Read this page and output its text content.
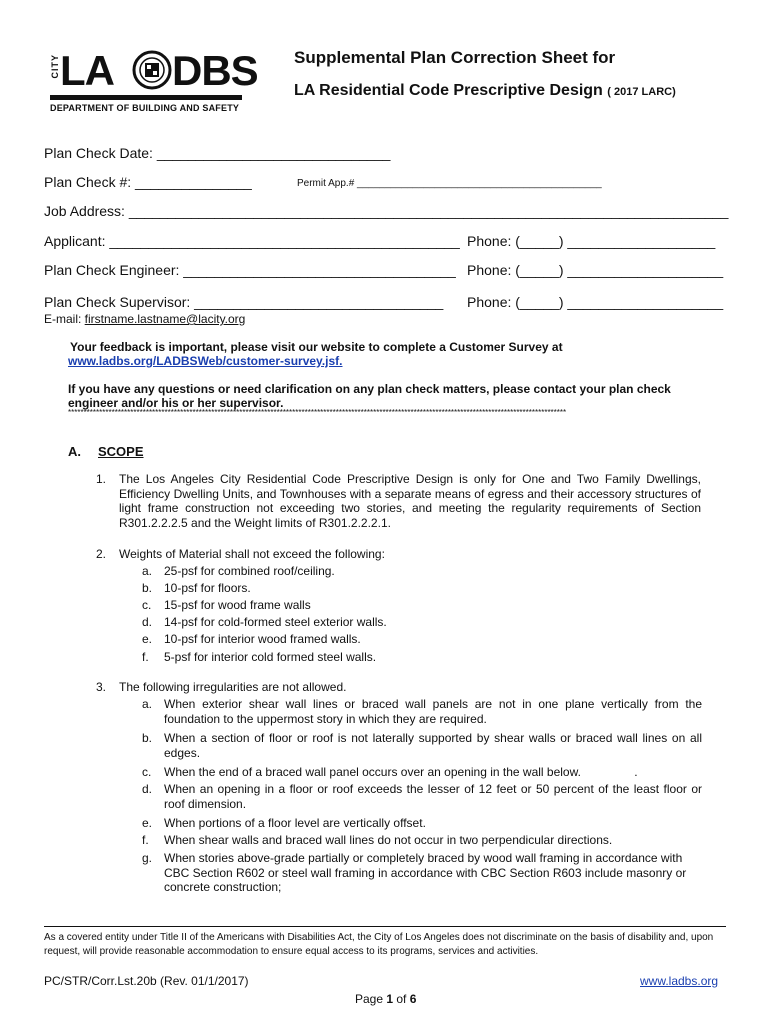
CITY LA DBS
DEPARTMENT OF BUILDING AND SAFETY
Supplemental Plan Correction Sheet for
LA Residential Code Prescriptive Design ( 2017 LARC)
Plan Check Date: ______________________________
Plan Check #: _______________	Permit App.# ____________________________________________
Job Address: _____________________________________________________________________________
Applicant: _____________________________________________ Phone: (_____) ___________________
Plan Check Engineer: ___________________________________ Phone: (_____) ____________________
Plan Check Supervisor: ________________________________ Phone: (_____) ____________________
E-mail: firstname.lastname@lacity.org
Your feedback is important, please visit our website to complete a Customer Survey at
www.ladbs.org/LADBSWeb/customer-survey.jsf.
If you have any questions or need clarification on any plan check matters, please contact your plan check
engineer and/or his or her supervisor.
****************************************************************************************************************************************************************
A. SCOPE
1. The Los Angeles City Residential Code Prescriptive Design is only for One and Two Family Dwellings, Efficiency Dwelling Units, and Townhouses with a separate means of egress and their accessory structures of light frame construction not exceeding two stories, and meeting the regularity requirements of Section R301.2.2.2.5 and the Weight limits of R301.2.2.2.1.
2. Weights of Material shall not exceed the following:
a. 25-psf for combined roof/ceiling.
b. 10-psf for floors.
c. 15-psf for wood frame walls
d. 14-psf for cold-formed steel exterior walls.
e. 10-psf for interior wood framed walls.
f. 5-psf for interior cold formed steel walls.
3. The following irregularities are not allowed.
a. When exterior shear wall lines or braced wall panels are not in one plane vertically from the foundation to the uppermost story in which they are required.
b. When a section of floor or roof is not laterally supported by shear walls or braced wall lines on all edges.
c. When the end of a braced wall panel occurs over an opening in the wall below.                .
d. When an opening in a floor or roof exceeds the lesser of 12 feet or 50 percent of the least floor or roof dimension.
e. When portions of a floor level are vertically offset.
f. When shear walls and braced wall lines do not occur in two perpendicular directions.
g. When stories above-grade partially or completely braced by wood wall framing in accordance with CBC Section R602 or steel wall framing in accordance with CBC Section R603 include masonry or concrete construction;
As a covered entity under Title II of the Americans with Disabilities Act, the City of Los Angeles does not discriminate on the basis of disability and, upon request, will provide reasonable accommodation to ensure equal access to its programs, services and activities.
PC/STR/Corr.Lst.20b (Rev. 01/1/2017)	www.ladbs.org
Page 1 of 6
